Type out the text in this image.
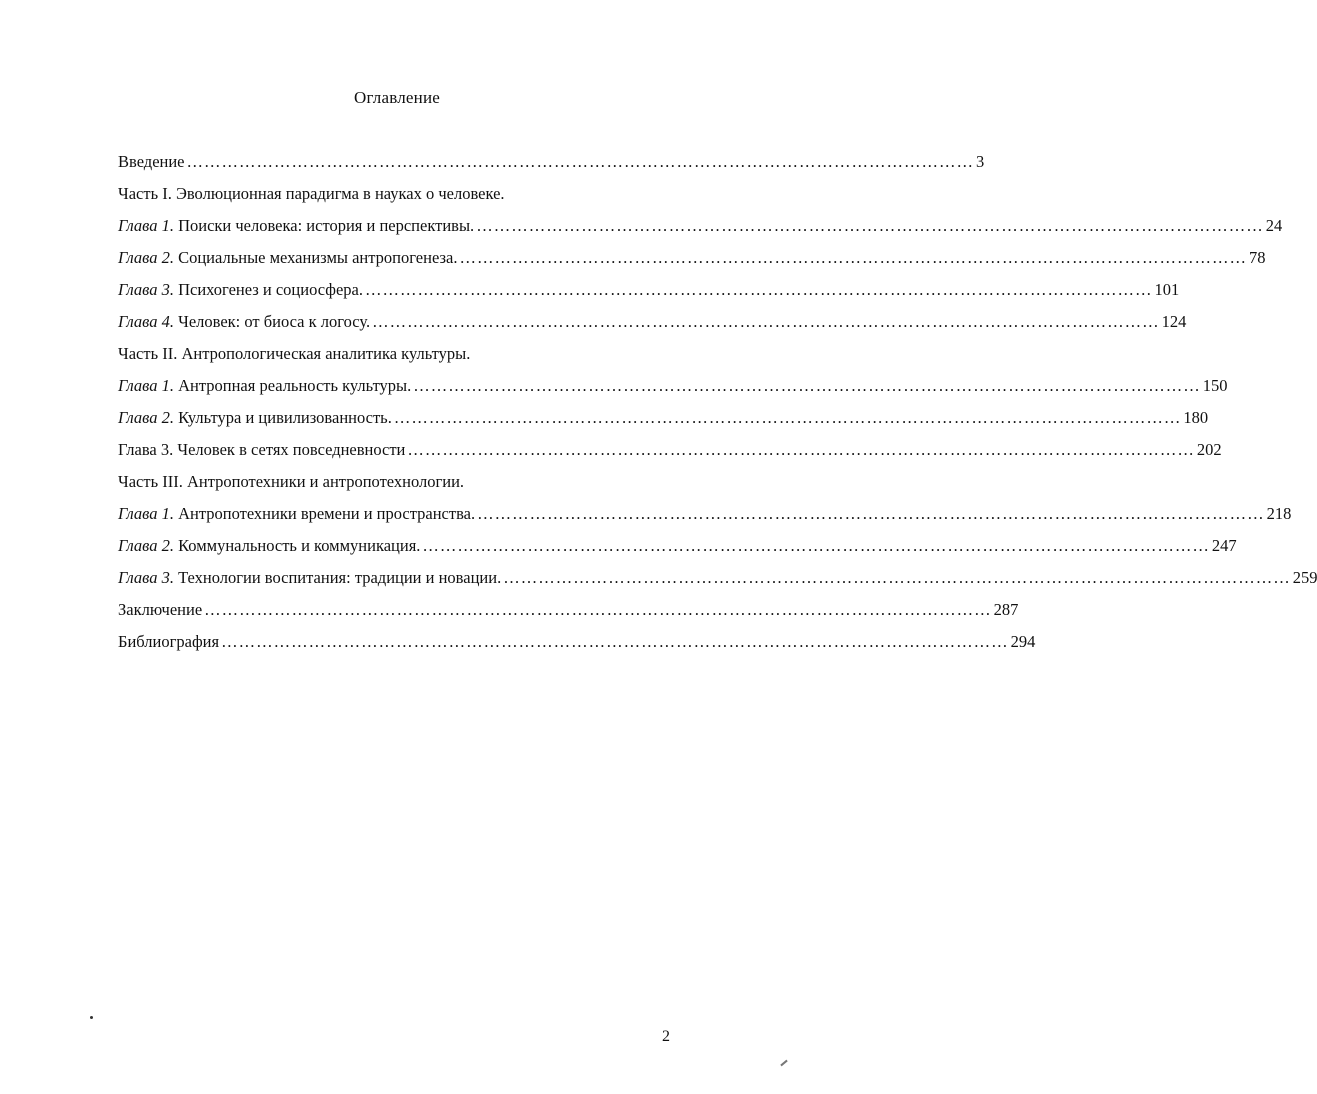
Оглавление
Введение ……………………………………………………………………………………………………………………… 3
Часть I. Эволюционная парадигма в науках о человеке.
Глава 1. Поиски человека: история и перспективы. ……………………………………………………………………………………………………………………… 24
Глава 2. Социальные механизмы антропогенеза. ……………………………………………………………………………………………………………………… 78
Глава 3. Психогенез и социосфера. ……………………………………………………………………………………………………………………… 101
Глава 4. Человек: от биоса к логосу. ……………………………………………………………………………………………………………………… 124
Часть II. Антропологическая аналитика культуры.
Глава 1. Антропная реальность культуры. ……………………………………………………………………………………………………………………… 150
Глава 2. Культура и цивилизованность. ……………………………………………………………………………………………………………………… 180
Глава 3. Человек в сетях повседневности ……………………………………………………………………………………………………………………… 202
Часть III. Антропотехники и антропотехнологии.
Глава 1. Антропотехники времени и пространства. ……………………………………………………………………………………………………………………… 218
Глава 2. Коммунальность и коммуникация. ……………………………………………………………………………………………………………………… 247
Глава 3. Технологии воспитания: традиции и новации. ……………………………………………………………………………………………………………………… 259
Заключение ……………………………………………………………………………………………………………………… 287
Библиография ……………………………………………………………………………………………………………………… 294
2
